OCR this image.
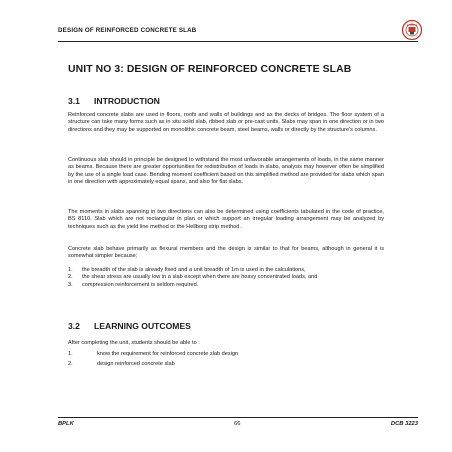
DESIGN OF REINFORCED CONCRETE SLAB
UNIT NO 3: DESIGN OF REINFORCED CONCRETE SLAB
3.1 INTRODUCTION
Reinforced concrete slabs are used in floors, roofs and walls of buildings and as the decks of bridges. The floor system of a structure can take many forms such as in situ solid slab, ribbed slab or pre-cast units. Slabs may span in one direction or in two directions and they may be supported on monolithic concrete beam, steel beams, walls or directly by the structure's columns.
Continuous slab should in principle be designed to withstand the most unfavorable arrangements of loads, in the same manner as beams. Because there are greater opportunities for redistribution of loads in slabs, analysis may however often be simplified by the use of a single load case. Bending moment coefficient based on this simplified method are provided for slabs which span in one direction with approximately equal spans, and also for flat slabs.
The moments in slabs spanning in two directions can also be determined using coefficients tabulated in the code of practice, BS 8110. Slab which are not rectangular in plan or which support an irregular loading arrangement may be analyzed by techniques such as the yield line method or the Hellborg strip method.
Concrete slab behave primarily as flexural members and the design is similar to that for beams, although in general it is somewhat simpler because;
1. the breadth of the slab is already fixed and a unit breadth of 1m is used in the calculations,
2. the shear stress are usually low in a slab except when there are heavy concentrated loads, and
3. compression reinforcement is seldom required.
3.2 LEARNING OUTCOMES
After completing the unit, students should be able to :
1.	know the requirement for reinforced concrete slab design
2.	design reinforced concrete slab
BPLK	66	DCB 3223
